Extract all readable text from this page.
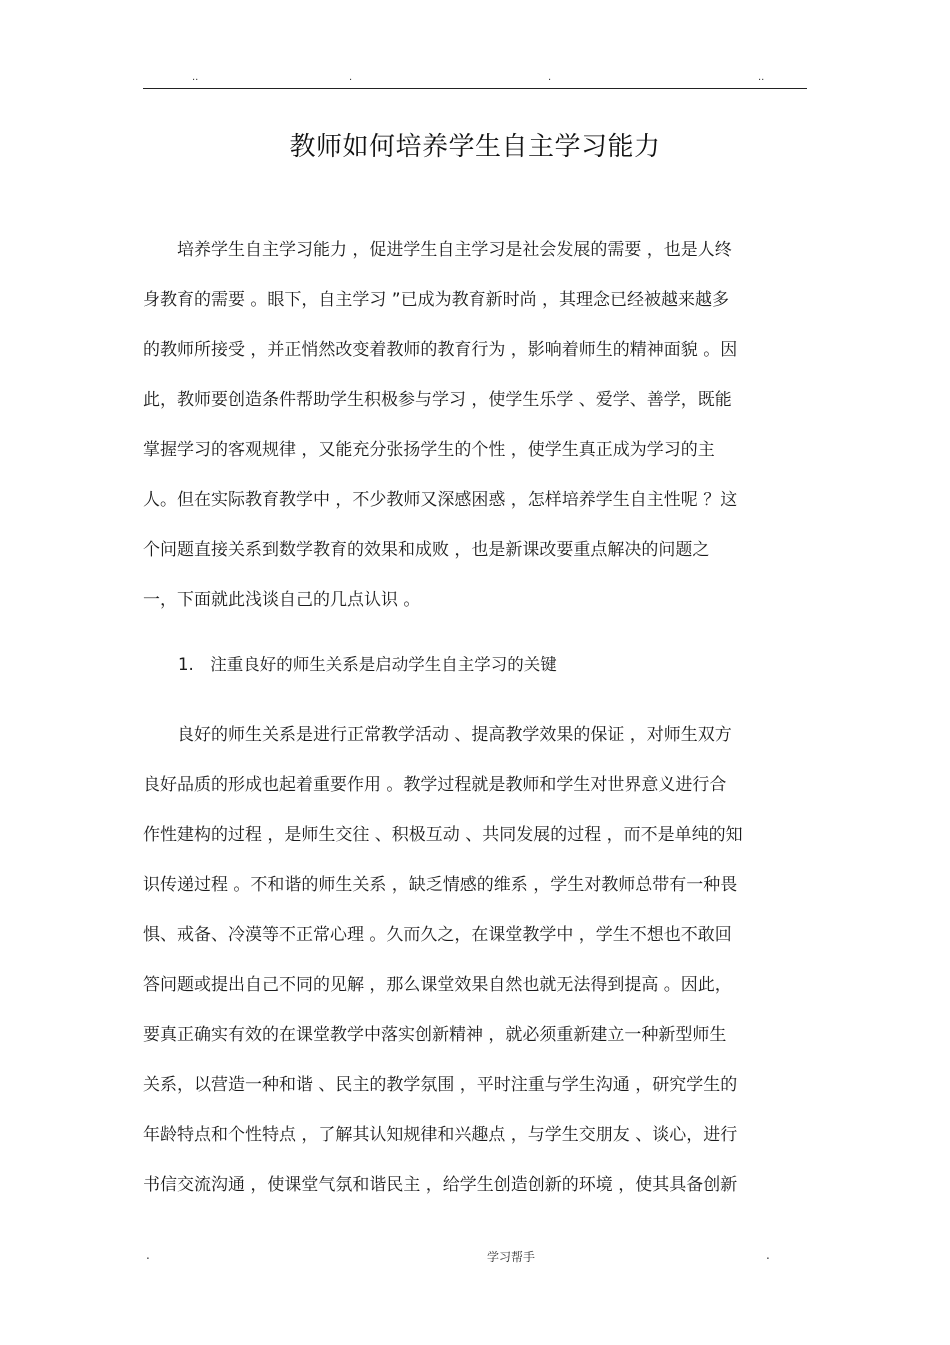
..	.	.	..
教师如何培养学生自主学习能力
　　培养学生自主学习能力 ，促进学生自主学习是社会发展的需要 ，也是人终
身教育的需要 。眼下，自主学习 ”已成为教育新时尚 ，其理念已经被越来越多
的教师所接受 ，并正悄然改变着教师的教育行为 ，影响着师生的精神面貌 。因
此，教师要创造条件帮助学生积极参与学习 ，使学生乐学 、爱学、善学，既能
掌握学习的客观规律 ，又能充分张扬学生的个性 ，使学生真正成为学习的主
人。但在实际教育教学中 ，不少教师又深感困惑 ，怎样培养学生自主性呢 ？这
个问题直接关系到数学教育的效果和成败 ，也是新课改要重点解决的问题之
一，下面就此浅谈自己的几点认识 。
1.　注重良好的师生关系是启动学生自主学习的关键
　　良好的师生关系是进行正常教学活动 、提高教学效果的保证 ，对师生双方
良好品质的形成也起着重要作用 。教学过程就是教师和学生对世界意义进行合
作性建构的过程 ，是师生交往 、积极互动 、共同发展的过程 ，而不是单纯的知
识传递过程 。不和谐的师生关系 ，缺乏情感的维系 ，学生对教师总带有一种畏
惧、戒备、冷漠等不正常心理 。久而久之，在课堂教学中 ，学生不想也不敢回
答问题或提出自己不同的见解 ，那么课堂效果自然也就无法得到提高 。因此，
要真正确实有效的在课堂教学中落实创新精神 ，就必须重新建立一种新型师生
关系，以营造一种和谐 、民主的教学氛围 ，平时注重与学生沟通 ，研究学生的
年龄特点和个性特点 ，了解其认知规律和兴趣点 ，与学生交朋友 、谈心，进行
书信交流沟通 ，使课堂气氛和谐民主 ，给学生创造创新的环境 ，使其具备创新
.	学习帮手	.
